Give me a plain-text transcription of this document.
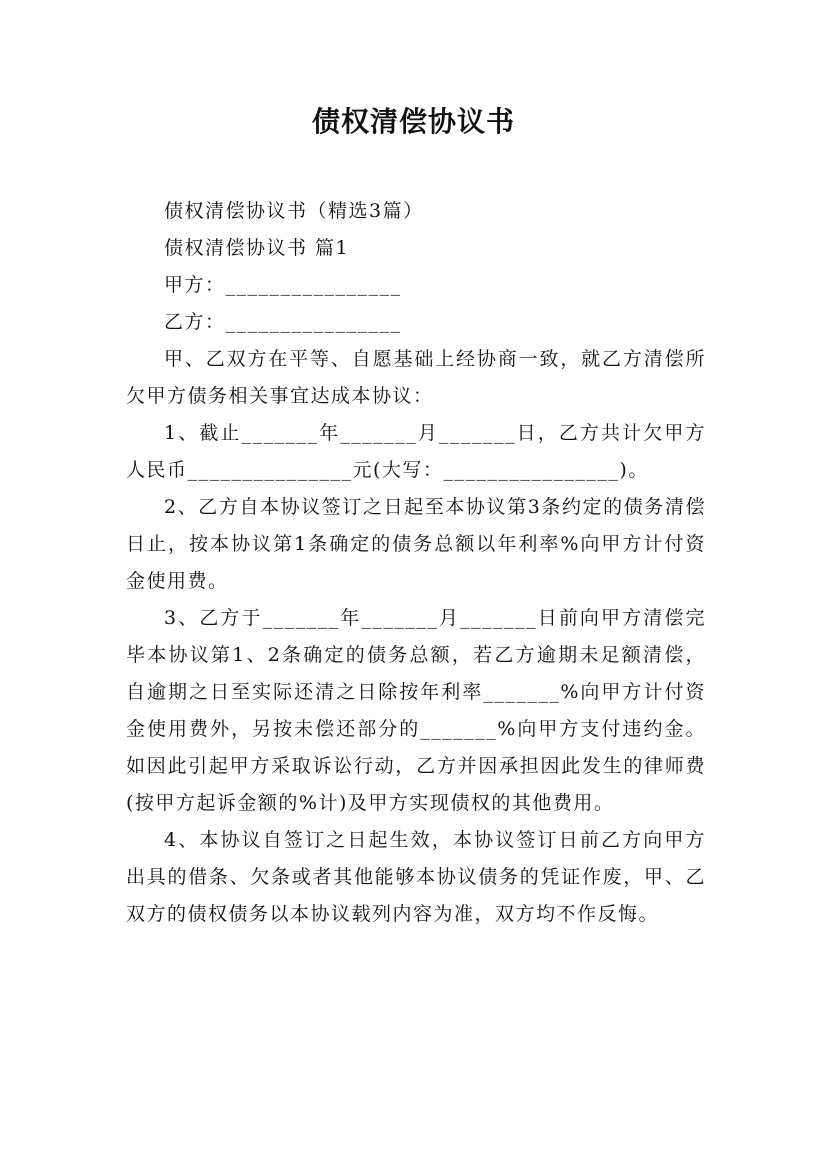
债权清偿协议书

债权清偿协议书（精选3篇）

债权清偿协议书 篇1

甲方：________________

乙方：________________

甲、乙双方在平等、自愿基础上经协商一致，就乙方清偿所欠甲方债务相关事宜达成本协议：

1、截止_______年_______月_______日，乙方共计欠甲方人民币_______________元(大写：________________)。

2、乙方自本协议签订之日起至本协议第3条约定的债务清偿日止，按本协议第1条确定的债务总额以年利率%向甲方计付资金使用费。

3、乙方于_______年_______月_______日前向甲方清偿完毕本协议第1、2条确定的债务总额，若乙方逾期未足额清偿，自逾期之日至实际还清之日除按年利率_______%向甲方计付资金使用费外，另按未偿还部分的_______%向甲方支付违约金。如因此引起甲方采取诉讼行动，乙方并因承担因此发生的律师费(按甲方起诉金额的%计)及甲方实现债权的其他费用。

4、本协议自签订之日起生效，本协议签订日前乙方向甲方出具的借条、欠条或者其他能够本协议债务的凭证作废，甲、乙双方的债权债务以本协议载列内容为准，双方均不作反悔。
